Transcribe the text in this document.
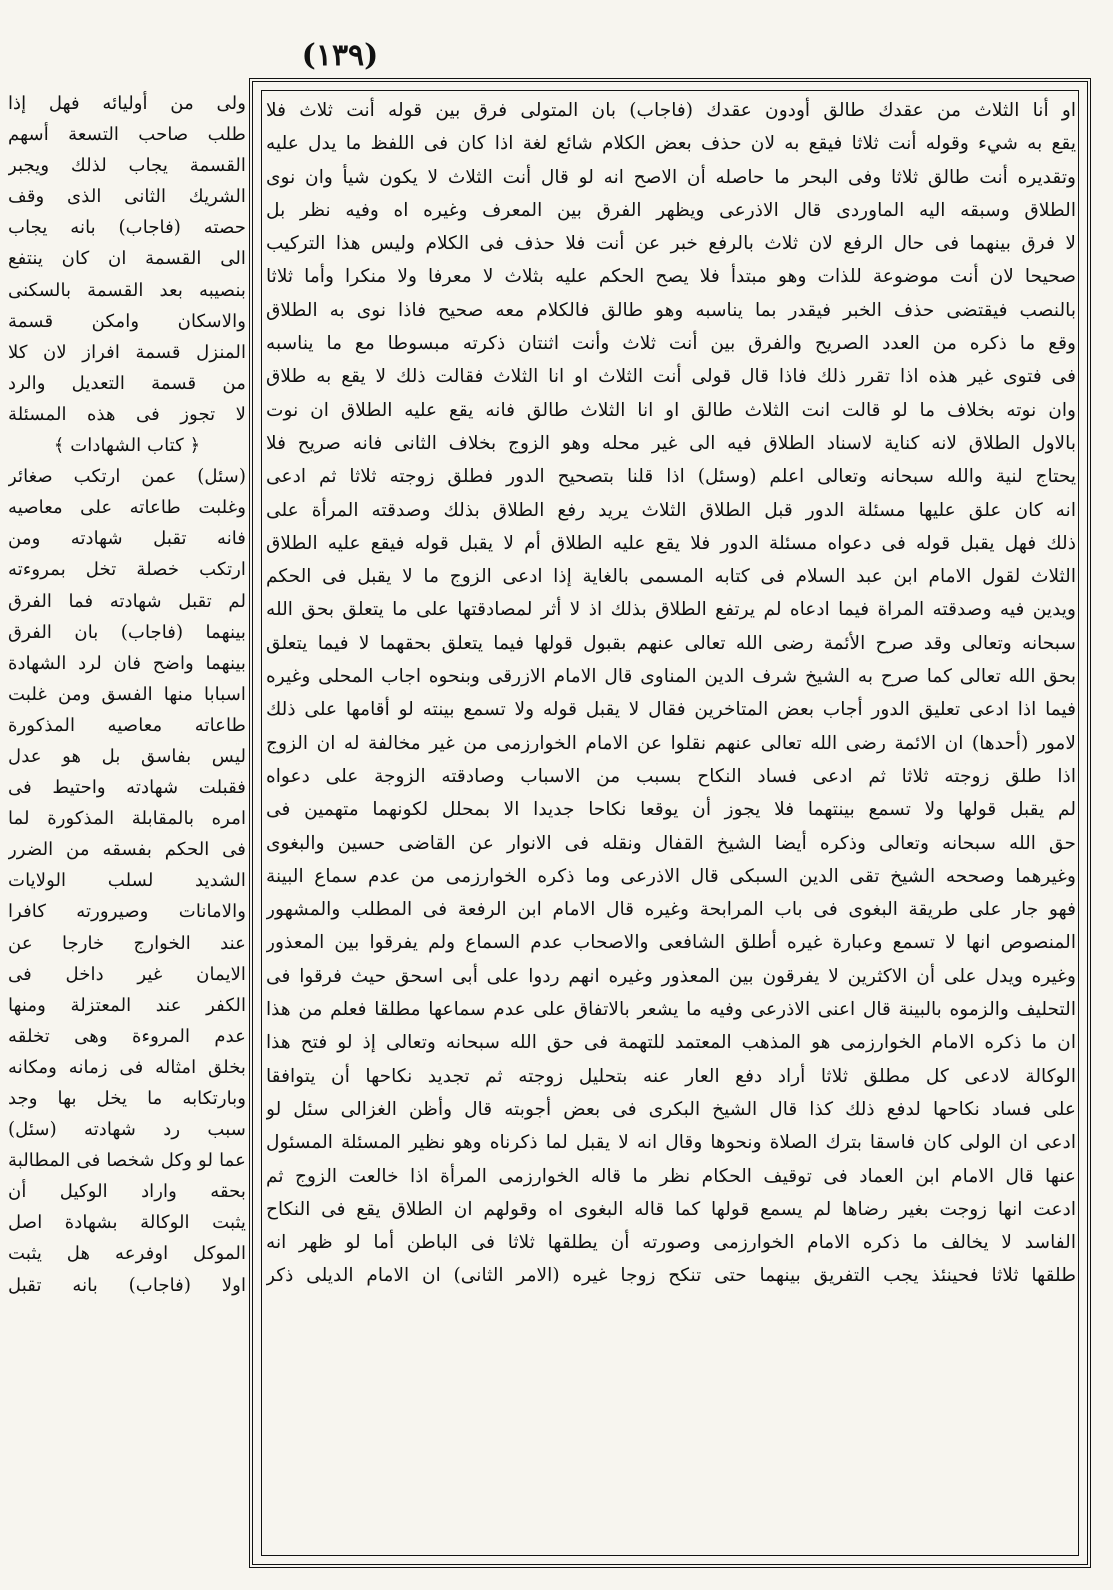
(١٣٩)
او أنا الثلاث من عقدك طالق أودون عقدك (فاجاب) بان المتولى فرق بين قوله أنت ثلاث فلا
يقع به شيء وقوله أنت ثلاثا فيقع به لان حذف بعض الكلام شائع لغة اذا كان فى اللفظ ما يدل عليه
وتقديره أنت طالق ثلاثا وفى البحر ما حاصله أن الاصح انه لو قال أنت الثلاث لا يكون شيأ وان نوى
الطلاق وسبقه اليه الماوردى قال الاذرعى ويظهر الفرق بين المعرف وغيره اه وفيه نظر بل
لا فرق بينهما فى حال الرفع لان ثلاث بالرفع خبر عن أنت فلا حذف فى الكلام وليس هذا التركيب
صحيحا لان أنت موضوعة للذات وهو مبتدأ فلا يصح الحكم عليه بثلاث لا معرفا ولا منكرا وأما ثلاثا
بالنصب فيقتضى حذف الخبر فيقدر بما يناسبه وهو طالق فالكلام معه صحيح فاذا نوى به الطلاق
وقع ما ذكره من العدد الصريح والفرق بين أنت ثلاث وأنت اثنتان ذكرته مبسوطا مع ما يناسبه
فى فتوى غير هذه اذا تقرر ذلك فاذا قال قولى أنت الثلاث او انا الثلاث فقالت ذلك لا يقع به طلاق
وان نوته بخلاف ما لو قالت انت الثلاث طالق او انا الثلاث طالق فانه يقع عليه الطلاق ان نوت
بالاول الطلاق لانه كناية لاسناد الطلاق فيه الى غير محله وهو الزوج بخلاف الثانى فانه صريح فلا
يحتاج لنية والله سبحانه وتعالى اعلم (وسئل) اذا قلنا بتصحيح الدور فطلق زوجته ثلاثا ثم ادعى
انه كان علق عليها مسئلة الدور قبل الطلاق الثلاث يريد رفع الطلاق بذلك وصدقته المرأة على
ذلك فهل يقبل قوله فى دعواه مسئلة الدور فلا يقع عليه الطلاق أم لا يقبل قوله فيقع عليه الطلاق
الثلاث لقول الامام ابن عبد السلام فى كتابه المسمى بالغاية إذا ادعى الزوج ما لا يقبل فى الحكم
ويدين فيه وصدقته المراة فيما ادعاه لم يرتفع الطلاق بذلك اذ لا أثر لمصادقتها على ما يتعلق بحق الله
سبحانه وتعالى وقد صرح الأئمة رضى الله تعالى عنهم بقبول قولها فيما يتعلق بحقهما لا فيما يتعلق
بحق الله تعالى كما صرح به الشيخ شرف الدين المناوى قال الامام الازرقى وبنحوه اجاب المحلى وغيره
فيما اذا ادعى تعليق الدور أجاب بعض المتاخرين فقال لا يقبل قوله ولا تسمع بينته لو أقامها على ذلك
لامور (أحدها) ان الائمة رضى الله تعالى عنهم نقلوا عن الامام الخوارزمى من غير مخالفة له ان الزوج
اذا طلق زوجته ثلاثا ثم ادعى فساد النكاح بسبب من الاسباب وصادقته الزوجة على دعواه
لم يقبل قولها ولا تسمع بينتهما فلا يجوز أن يوقعا نكاحا جديدا الا بمحلل لكونهما متهمين فى
حق الله سبحانه وتعالى وذكره أيضا الشيخ القفال ونقله فى الانوار عن القاضى حسين والبغوى
وغيرهما وصححه الشيخ تقى الدين السبكى قال الاذرعى وما ذكره الخوارزمى من عدم سماع البينة
فهو جار على طريقة البغوى فى باب المرابحة وغيره قال الامام ابن الرفعة فى المطلب والمشهور
المنصوص انها لا تسمع وعبارة غيره أطلق الشافعى والاصحاب عدم السماع ولم يفرقوا بين المعذور
وغيره ويدل على أن الاكثرين لا يفرقون بين المعذور وغيره انهم ردوا على أبى اسحق حيث فرقوا فى
التحليف والزموه بالبينة قال اعنى الاذرعى وفيه ما يشعر بالاتفاق على عدم سماعها مطلقا فعلم من هذا
ان ما ذكره الامام الخوارزمى هو المذهب المعتمد للتهمة فى حق الله سبحانه وتعالى إذ لو فتح هذا
الوكالة لادعى كل مطلق ثلاثا أراد دفع العار عنه بتحليل زوجته ثم تجديد نكاحها أن يتوافقا
على فساد نكاحها لدفع ذلك كذا قال الشيخ البكرى فى بعض أجوبته قال وأظن الغزالى سئل لو
ادعى ان الولى كان فاسقا بترك الصلاة ونحوها وقال انه لا يقبل لما ذكرناه وهو نظير المسئلة المسئول
عنها قال الامام ابن العماد فى توقيف الحكام نظر ما قاله الخوارزمى المرأة اذا خالعت الزوج ثم
ادعت انها زوجت بغير رضاها لم يسمع قولها كما قاله البغوى اه وقولهم ان الطلاق يقع فى النكاح
الفاسد لا يخالف ما ذكره الامام الخوارزمى وصورته أن يطلقها ثلاثا فى الباطن أما لو ظهر انه
طلقها ثلاثا فحينئذ يجب التفريق بينهما حتى تنكح زوجا غيره (الامر الثانى) ان الامام الديلى ذكر
ولى من أوليائه فهل إذا
طلب صاحب التسعة أسهم
القسمة يجاب لذلك ويجبر
الشريك الثانى الذى وقف
حصته (فاجاب) بانه يجاب
الى القسمة ان كان ينتفع
بنصيبه بعد القسمة بالسكنى
والاسكان وامكن قسمة
المنزل قسمة افراز لان كلا
من قسمة التعديل والرد
لا تجوز فى هذه المسئلة
﴿ كتاب الشهادات ﴾
(سئل) عمن ارتكب صغائر
وغلبت طاعاته على معاصيه
فانه تقبل شهادته ومن
ارتكب خصلة تخل بمروءته
لم تقبل شهادته فما الفرق
بينهما (فاجاب) بان الفرق
بينهما واضح فان لرد الشهادة
اسبابا منها الفسق ومن غلبت
طاعاته معاصيه المذكورة
ليس بفاسق بل هو عدل
فقبلت شهادته واحتيط فى
امره بالمقابلة المذكورة لما
فى الحكم بفسقه من الضرر
الشديد لسلب الولايات
والامانات وصيرورته كافرا
عند الخوارج خارجا عن
الايمان غير داخل فى
الكفر عند المعتزلة ومنها
عدم المروءة وهى تخلقه
بخلق امثاله فى زمانه ومكانه
وبارتكابه ما يخل بها وجد
سبب رد شهادته (سئل)
عما لو وكل شخصا فى المطالبة
بحقه واراد الوكيل أن
يثبت الوكالة بشهادة اصل
الموكل اوفرعه هل يثبت
اولا (فاجاب) بانه تقبل
